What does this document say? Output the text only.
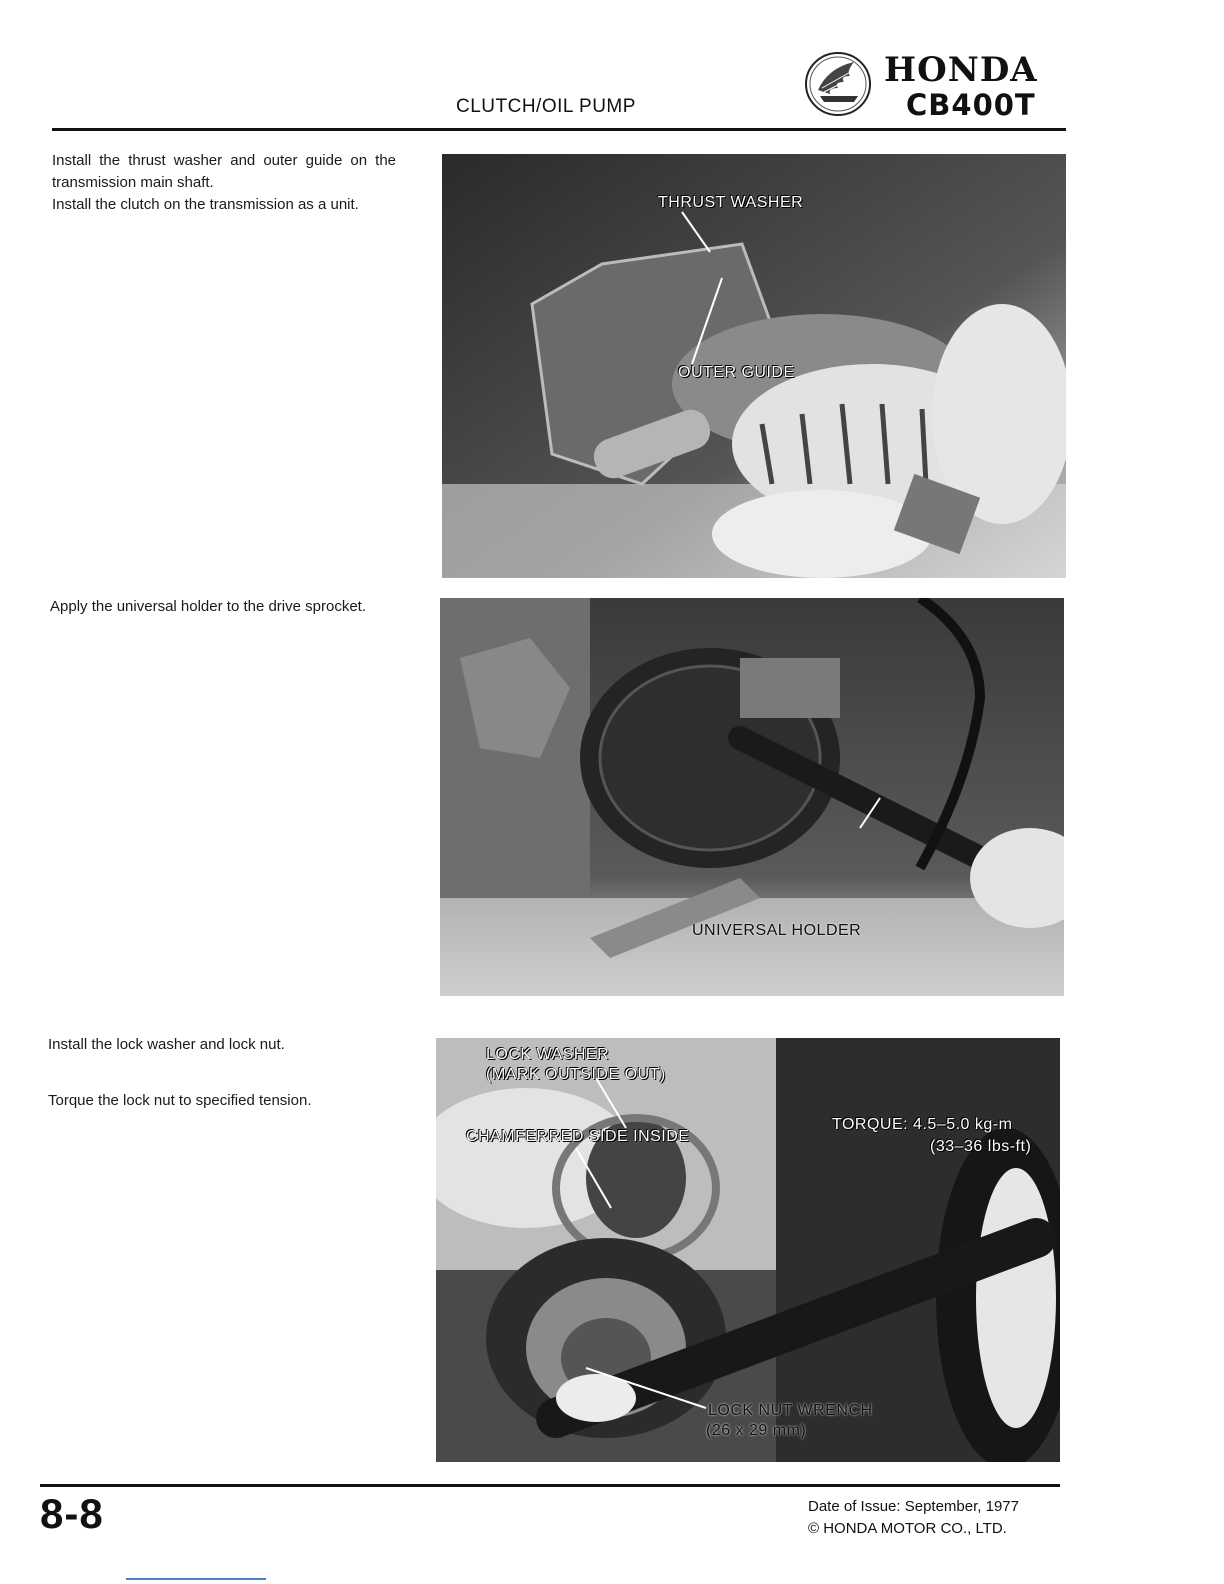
CLUTCH/OIL PUMP
HONDA
CB400T

Install the thrust washer and outer guide on the transmission main shaft.

Install the clutch on the transmission as a unit.	THRUST WASHER
OUTER GUIDE

Apply the universal holder to the drive sprocket.

UNIVERSAL HOLDER

Install the lock washer and lock nut.

Torque the lock nut to specified tension.

LOCK WASHER
(MARK OUTSIDE OUT)
CHAMFERRED SIDE INSIDE
TORQUE: 4.5–5.0 kg-m
(33–36 lbs-ft)
LOCK NUT WRENCH
(26 x 29 mm)
8-8	Date of Issue: September, 1977
© HONDA MOTOR CO., LTD.
